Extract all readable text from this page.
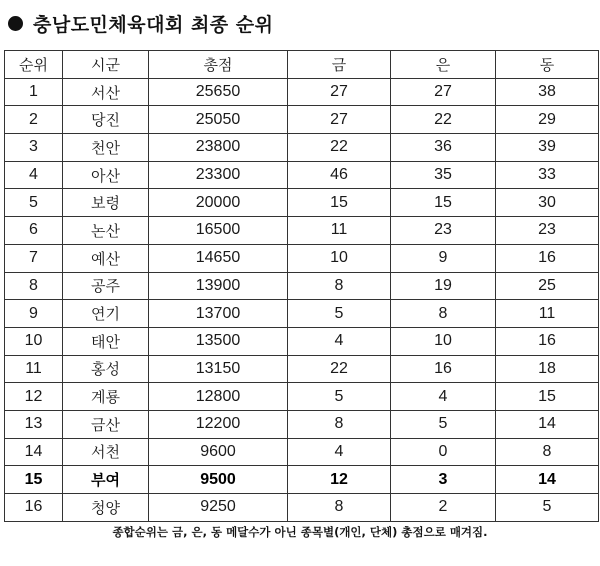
충남도민체육대회 최종 순위
순위	시군	총점	금	은	동
1	서산	25650	27	27	38
2	당진	25050	27	22	29
3	천안	23800	22	36	39
4	아산	23300	46	35	33
5	보령	20000	15	15	30
6	논산	16500	11	23	23
7	예산	14650	10	9	16
8	공주	13900	8	19	25
9	연기	13700	5	8	11
10	태안	13500	4	10	16
11	홍성	13150	22	16	18
12	계룡	12800	5	4	15
13	금산	12200	8	5	14
14	서천	9600	4	0	8
15	부여	9500	12	3	14
16	청양	9250	8	2	5
종합순위는 금, 은, 동 메달수가 아닌 종목별(개인, 단체) 총점으로 매겨짐.
